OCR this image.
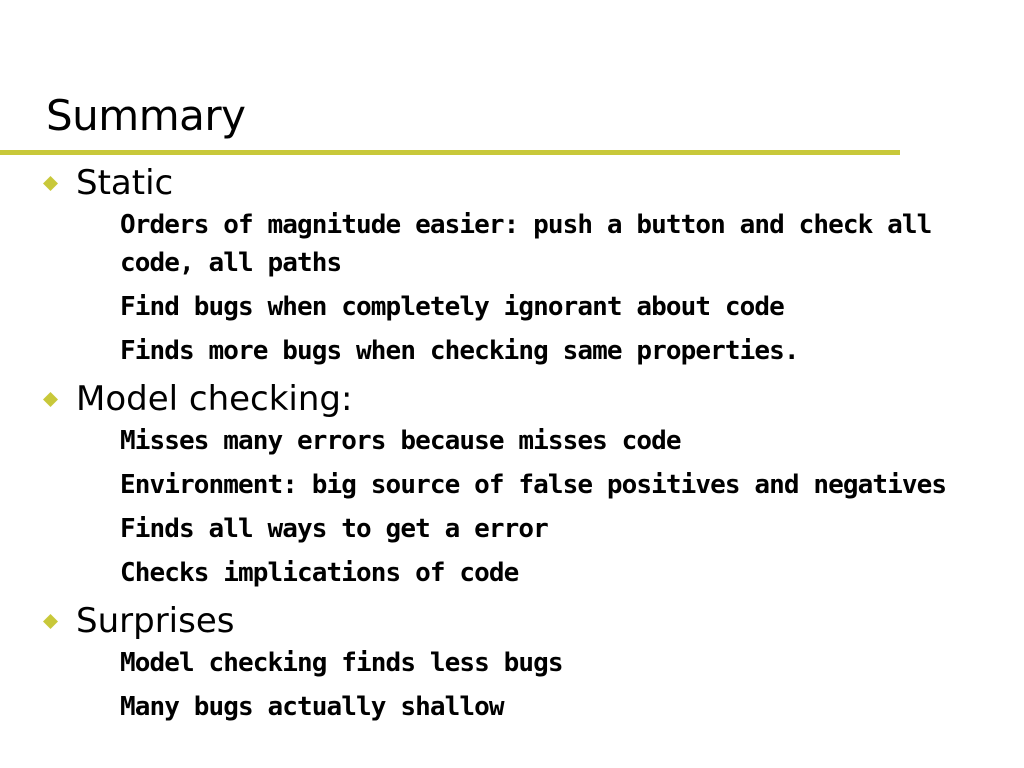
Summary
Static
Orders of magnitude easier: push a button and check all code, all paths
Find bugs when completely ignorant about code
Finds more bugs when checking same properties.
Model checking:
Misses many errors because misses code
Environment: big source of false positives and negatives
Finds all ways to get a error
Checks implications of code
Surprises
Model checking finds less bugs
Many bugs actually shallow
